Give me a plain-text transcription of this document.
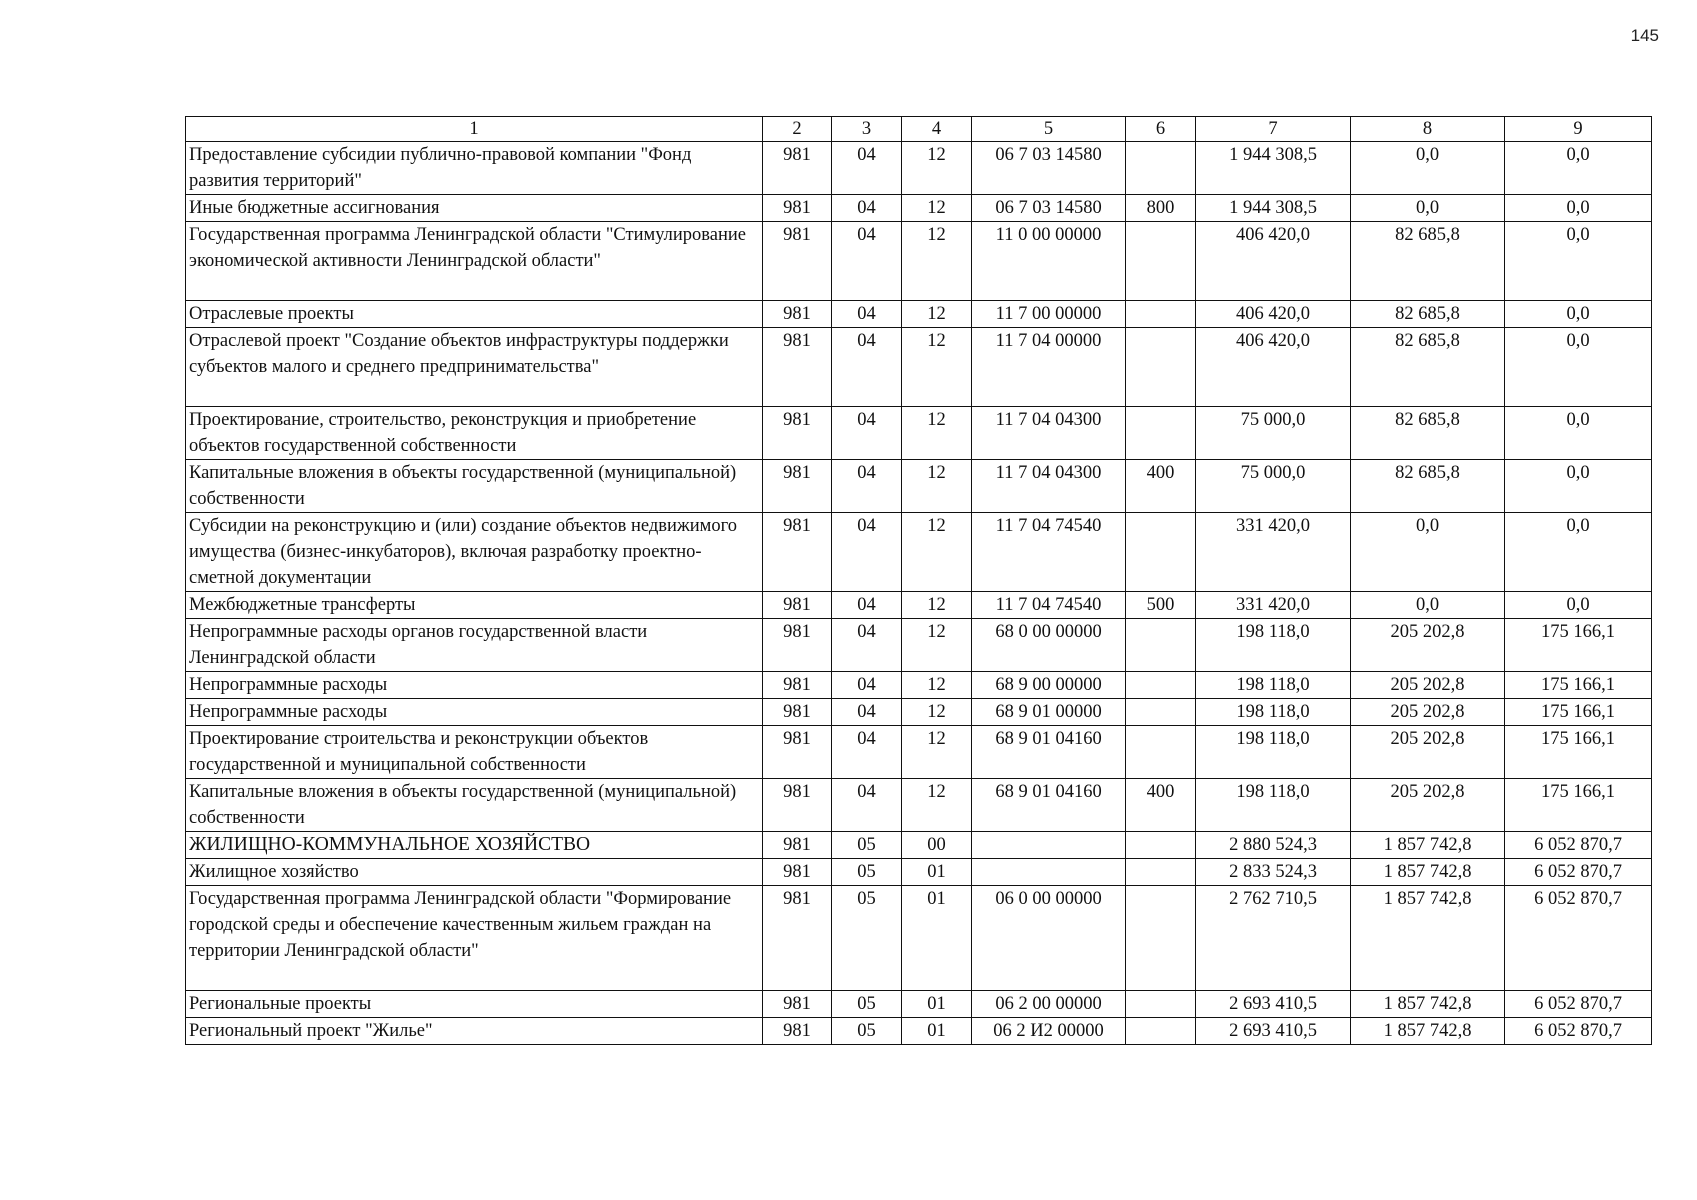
145
1	2	3	4	5	6	7	8	9
Предоставление субсидии публично-правовой компании "Фонд развития территорий"	981	04	12	06 7 03 14580		1 944 308,5	0,0	0,0
Иные бюджетные ассигнования	981	04	12	06 7 03 14580	800	1 944 308,5	0,0	0,0
Государственная программа Ленинградской области "Стимулирование экономической активности Ленинградской области"	981	04	12	11 0 00 00000		406 420,0	82 685,8	0,0
Отраслевые проекты	981	04	12	11 7 00 00000		406 420,0	82 685,8	0,0
Отраслевой проект "Создание объектов инфраструктуры поддержки субъектов малого и среднего предпринимательства"	981	04	12	11 7 04 00000		406 420,0	82 685,8	0,0
Проектирование, строительство, реконструкция и приобретение объектов государственной собственности	981	04	12	11 7 04 04300		75 000,0	82 685,8	0,0
Капитальные вложения в объекты государственной (муниципальной) собственности	981	04	12	11 7 04 04300	400	75 000,0	82 685,8	0,0
Субсидии на реконструкцию и (или) создание объектов недвижимого имущества (бизнес-инкубаторов), включая разработку проектно-сметной документации	981	04	12	11 7 04 74540		331 420,0	0,0	0,0
Межбюджетные трансферты	981	04	12	11 7 04 74540	500	331 420,0	0,0	0,0
Непрограммные расходы органов государственной власти Ленинградской области	981	04	12	68 0 00 00000		198 118,0	205 202,8	175 166,1
Непрограммные расходы	981	04	12	68 9 00 00000		198 118,0	205 202,8	175 166,1
Непрограммные расходы	981	04	12	68 9 01 00000		198 118,0	205 202,8	175 166,1
Проектирование строительства и реконструкции объектов государственной и муниципальной собственности	981	04	12	68 9 01 04160		198 118,0	205 202,8	175 166,1
Капитальные вложения в объекты государственной (муниципальной) собственности	981	04	12	68 9 01 04160	400	198 118,0	205 202,8	175 166,1
ЖИЛИЩНО-КОММУНАЛЬНОЕ ХОЗЯЙСТВО	981	05	00			2 880 524,3	1 857 742,8	6 052 870,7
Жилищное хозяйство	981	05	01			2 833 524,3	1 857 742,8	6 052 870,7
Государственная программа Ленинградской области "Формирование городской среды и обеспечение качественным жильем граждан на территории Ленинградской области"	981	05	01	06 0 00 00000		2 762 710,5	1 857 742,8	6 052 870,7
Региональные проекты	981	05	01	06 2 00 00000		2 693 410,5	1 857 742,8	6 052 870,7
Региональный проект "Жилье"	981	05	01	06 2 И2 00000		2 693 410,5	1 857 742,8	6 052 870,7
